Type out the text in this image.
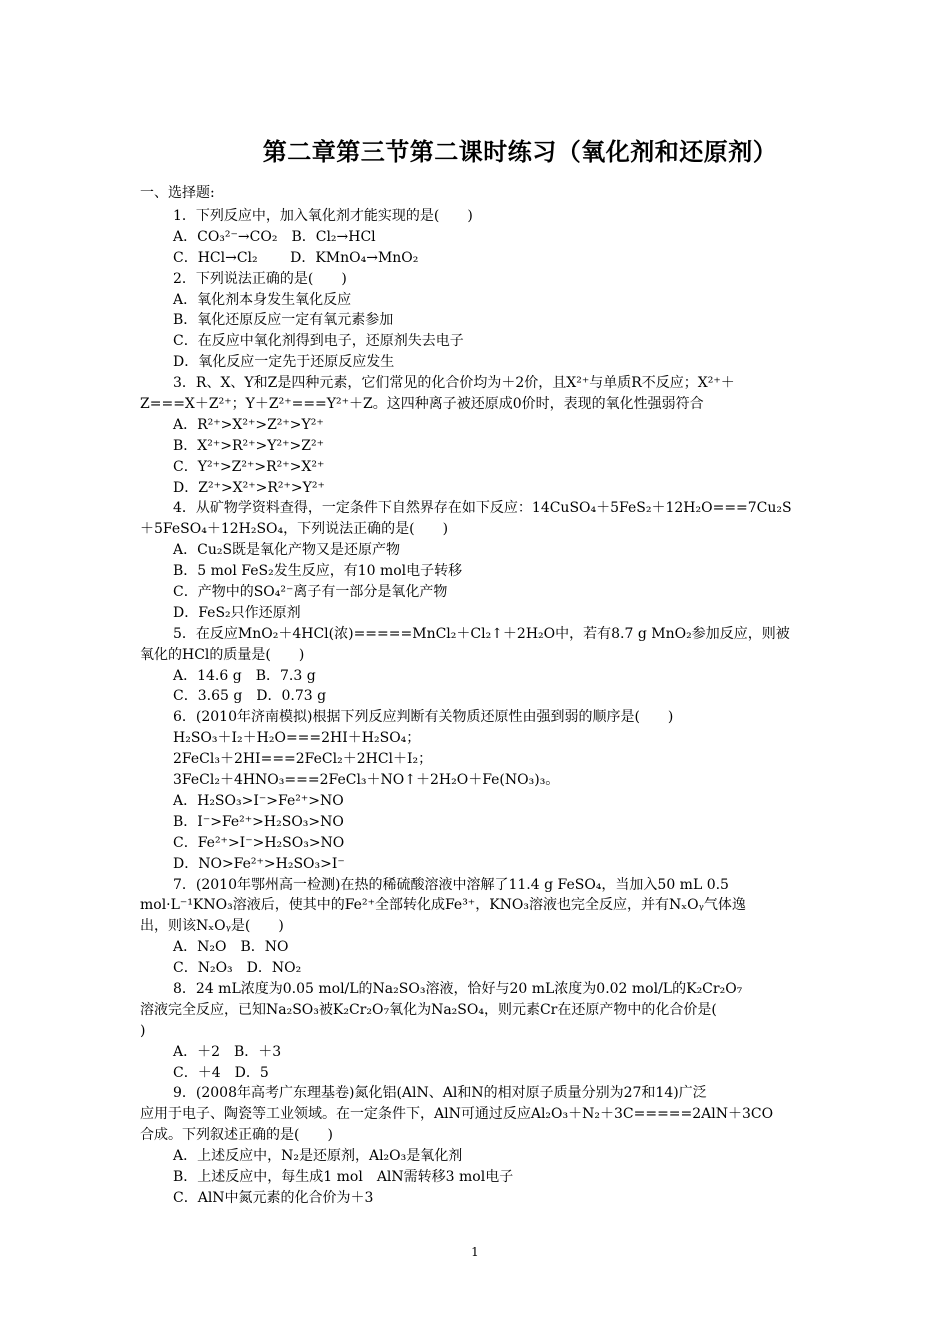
第二章第三节第二课时练习（氧化剂和还原剂）
一、选择题:
1．下列反应中，加入氧化剂才能实现的是(　　)
A．CO₃²⁻→CO₂　B．Cl₂→HCl
C．HCl→Cl₂　　 D．KMnO₄→MnO₂
2．下列说法正确的是(　　)
A．氧化剂本身发生氧化反应
B．氧化还原反应一定有氧元素参加
C．在反应中氧化剂得到电子，还原剂失去电子
D．氧化反应一定先于还原反应发生
3．R、X、Y和Z是四种元素，它们常见的化合价均为＋2价，且X²⁺与单质R不反应；X²⁺＋
Z===X＋Z²⁺；Y＋Z²⁺===Y²⁺＋Z。这四种离子被还原成0价时，表现的氧化性强弱符合
A．R²⁺>X²⁺>Z²⁺>Y²⁺
B．X²⁺>R²⁺>Y²⁺>Z²⁺
C．Y²⁺>Z²⁺>R²⁺>X²⁺
D．Z²⁺>X²⁺>R²⁺>Y²⁺
4．从矿物学资料查得，一定条件下自然界存在如下反应：14CuSO₄＋5FeS₂＋12H₂O===7Cu₂S
＋5FeSO₄＋12H₂SO₄，下列说法正确的是(　　)
A．Cu₂S既是氧化产物又是还原产物
B．5 mol FeS₂发生反应，有10 mol电子转移
C．产物中的SO₄²⁻离子有一部分是氧化产物
D．FeS₂只作还原剂
5．在反应MnO₂＋4HCl(浓)=====MnCl₂＋Cl₂↑＋2H₂O中，若有8.7 g MnO₂参加反应，则被
氧化的HCl的质量是(　　)
A．14.6 g　B．7.3 g
C．3.65 g　D．0.73 g
6．(2010年济南模拟)根据下列反应判断有关物质还原性由强到弱的顺序是(　　)
H₂SO₃＋I₂＋H₂O===2HI＋H₂SO₄；
2FeCl₃＋2HI===2FeCl₂＋2HCl＋I₂；
3FeCl₂＋4HNO₃===2FeCl₃＋NO↑＋2H₂O＋Fe(NO₃)₃。
A．H₂SO₃>I⁻>Fe²⁺>NO
B．I⁻>Fe²⁺>H₂SO₃>NO
C．Fe²⁺>I⁻>H₂SO₃>NO
D．NO>Fe²⁺>H₂SO₃>I⁻
7．(2010年鄂州高一检测)在热的稀硫酸溶液中溶解了11.4 g FeSO₄，当加入50 mL 0.5
mol·L⁻¹KNO₃溶液后，使其中的Fe²⁺全部转化成Fe³⁺，KNO₃溶液也完全反应，并有NₓOᵧ气体逸
出，则该NₓOᵧ是(　　)
A．N₂O　B．NO
C．N₂O₃　D．NO₂
8．24 mL浓度为0.05 mol/L的Na₂SO₃溶液，恰好与20 mL浓度为0.02 mol/L的K₂Cr₂O₇
溶液完全反应，已知Na₂SO₃被K₂Cr₂O₇氧化为Na₂SO₄，则元素Cr在还原产物中的化合价是(
)
A．＋2　B．＋3
C．＋4　D．5
9．(2008年高考广东理基卷)氮化铝(AlN、Al和N的相对原子质量分别为27和14)广泛
应用于电子、陶瓷等工业领域。在一定条件下，AlN可通过反应Al₂O₃＋N₂＋3C=====2AlN＋3CO
合成。下列叙述正确的是(　　)
A．上述反应中，N₂是还原剂，Al₂O₃是氧化剂
B．上述反应中，每生成1 mol　AlN需转移3 mol电子
C．AlN中氮元素的化合价为＋3
1
